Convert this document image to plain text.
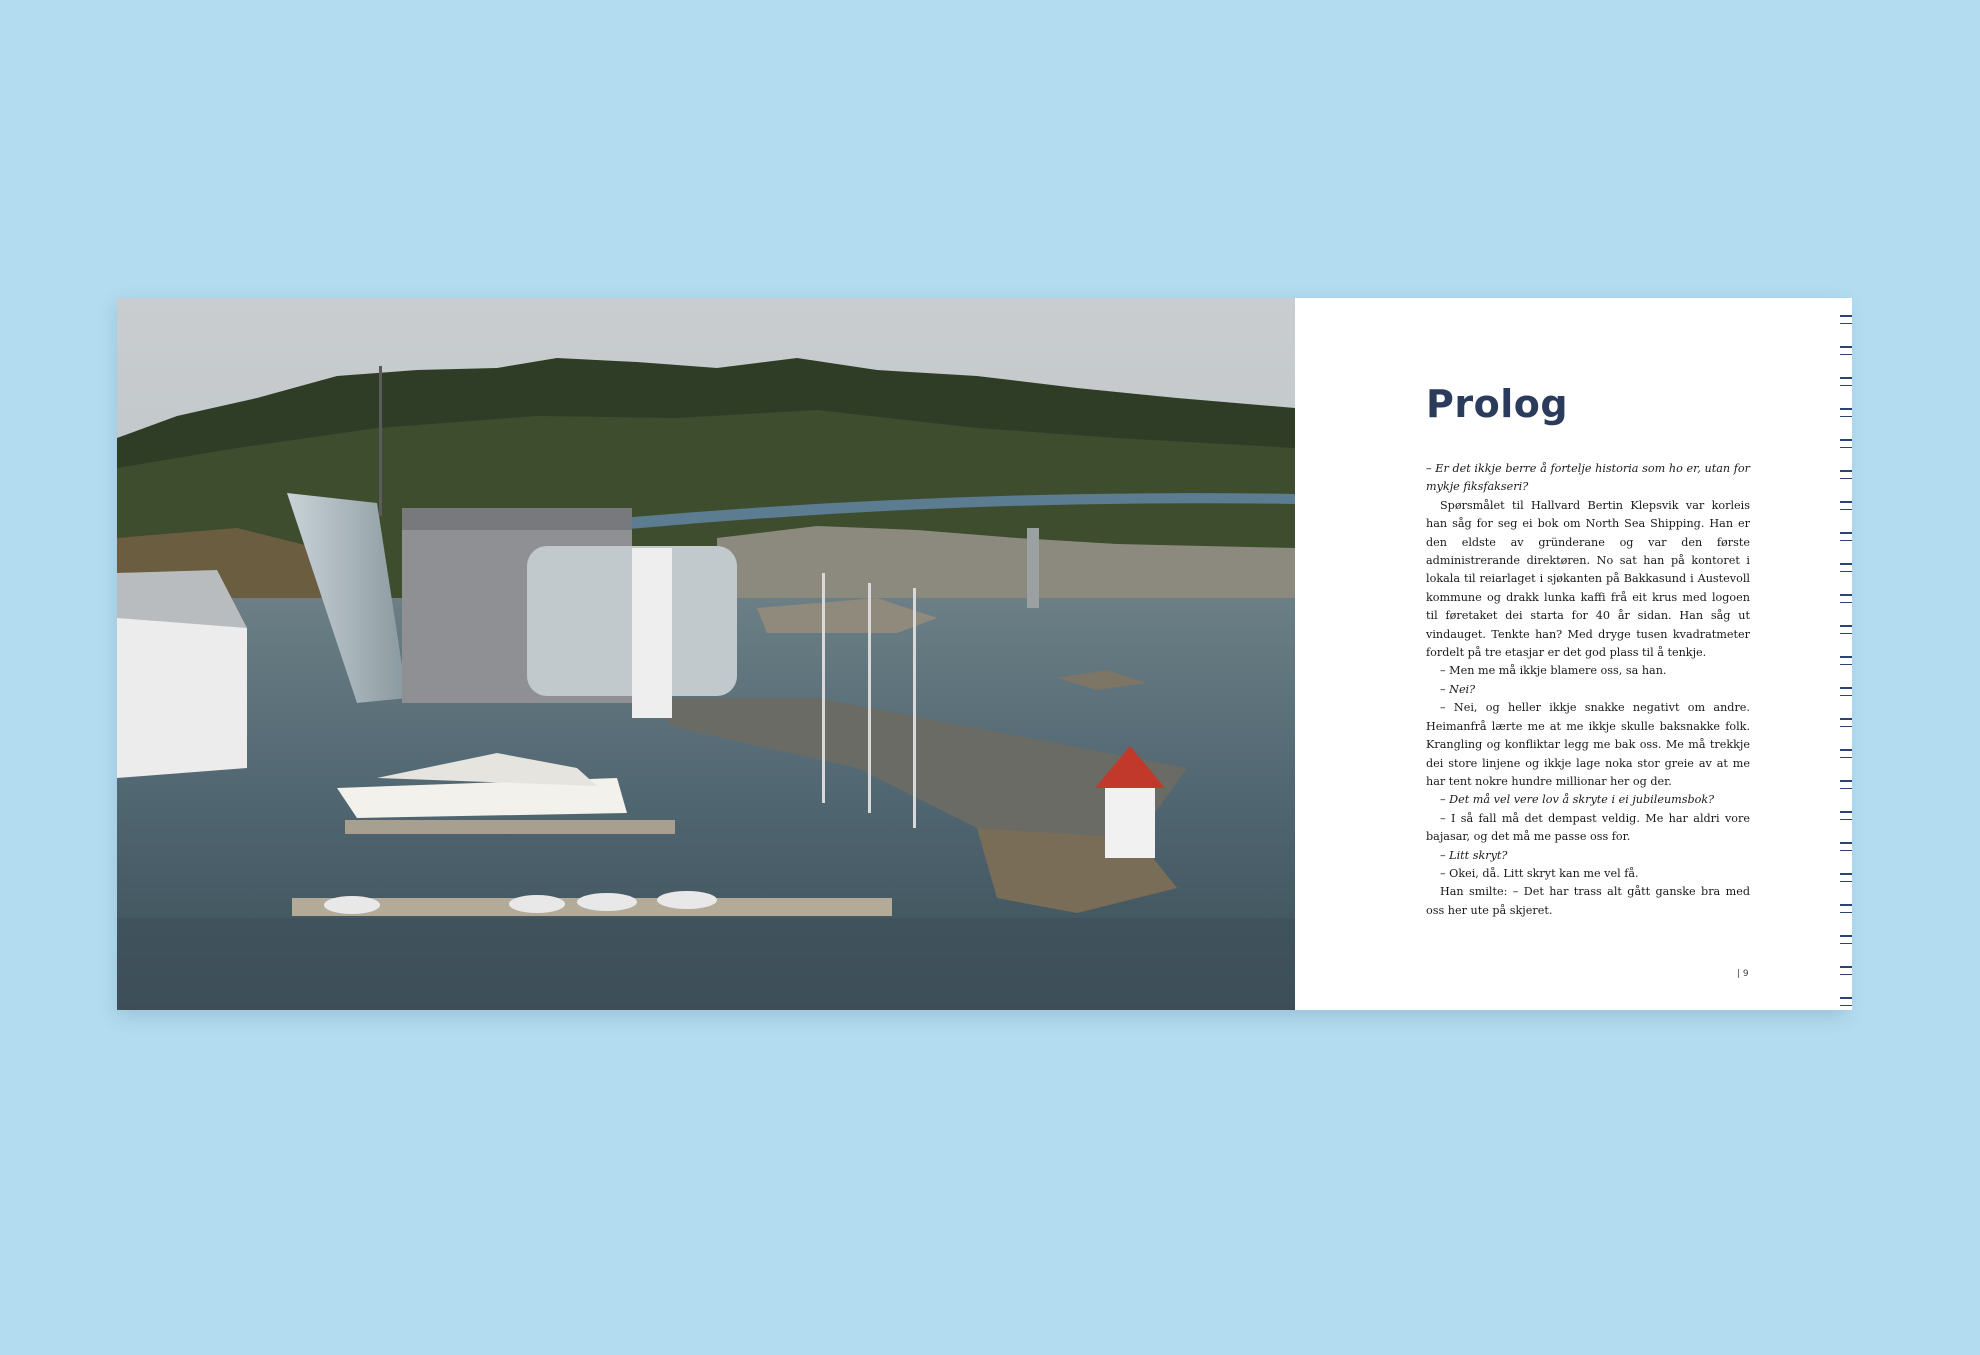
Prolog

– Er det ikkje berre å fortelje historia som ho er, utan for mykje fiksfakseri?

Spørsmålet til Hallvard Bertin Klepsvik var korleis han såg for seg ei bok om North Sea Shipping. Han er den eldste av gründerane og var den første administrerande direktøren. No sat han på kontoret i lokala til reiarlaget i sjøkanten på Bakkasund i Austevoll kommune og drakk lunka kaffi frå eit krus med logoen til føretaket dei starta for 40 år sidan. Han såg ut vindauget. Tenkte han? Med dryge tusen kvadratmeter fordelt på tre etasjar er det god plass til å tenkje.

– Men me må ikkje blamere oss, sa han.

– Nei?

– Nei, og heller ikkje snakke negativt om andre. Heimanfrå lærte me at me ikkje skulle baksnakke folk. Krangling og konfliktar legg me bak oss. Me må trekkje dei store linjene og ikkje lage noka stor greie av at me har tent nokre hundre millionar her og der.

– Det må vel vere lov å skryte i ei jubileumsbok?

– I så fall må det dempast veldig. Me har aldri vore bajasar, og det må me passe oss for.

– Litt skryt?

– Okei, då. Litt skryt kan me vel få.

Han smilte: – Det har trass alt gått ganske bra med oss her ute på skjeret.

| 9
